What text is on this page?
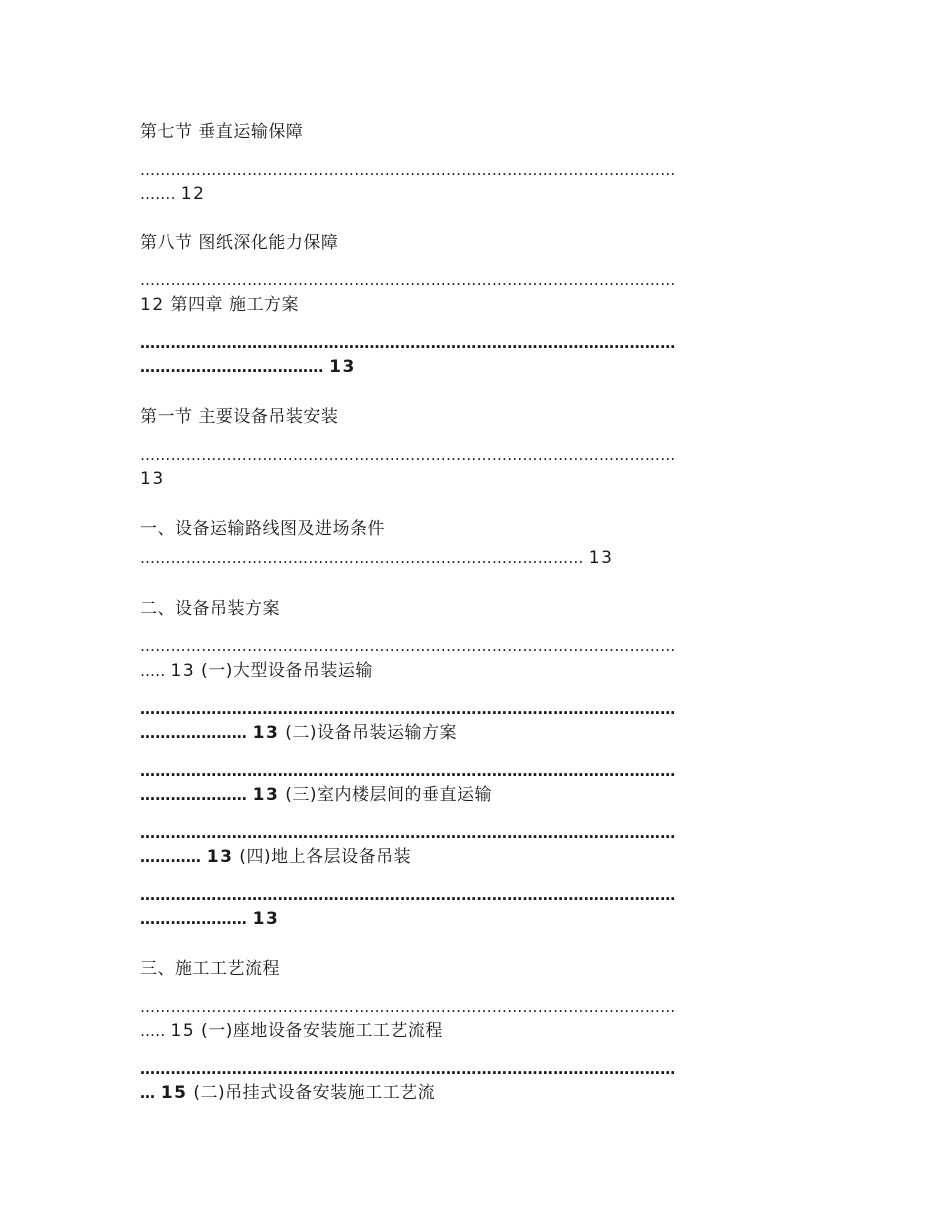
第七节 垂直运输保障
……………………………………………………………………………………………
……. 12
第八节 图纸深化能力保障
……………………………………………………………………………………………
12 第四章 施工方案
……………………………………………………………………………………………
……………………………… 13
第一节 主要设备吊装安装
……………………………………………………………………………………………
13
一、设备运输路线图及进场条件
…………………………………………………………………………… 13
二、设备吊装方案
……………………………………………………………………………………………
….. 13 (一)大型设备吊装运输
……………………………………………………………………………………………
………………… 13 (二)设备吊装运输方案
……………………………………………………………………………………………
………………… 13 (三)室内楼层间的垂直运输
……………………………………………………………………………………………
………… 13 (四)地上各层设备吊装
……………………………………………………………………………………………
………………… 13
三、施工工艺流程
……………………………………………………………………………………………
….. 15 (一)座地设备安装施工工艺流程
……………………………………………………………………………………………
… 15 (二)吊挂式设备安装施工工艺流
